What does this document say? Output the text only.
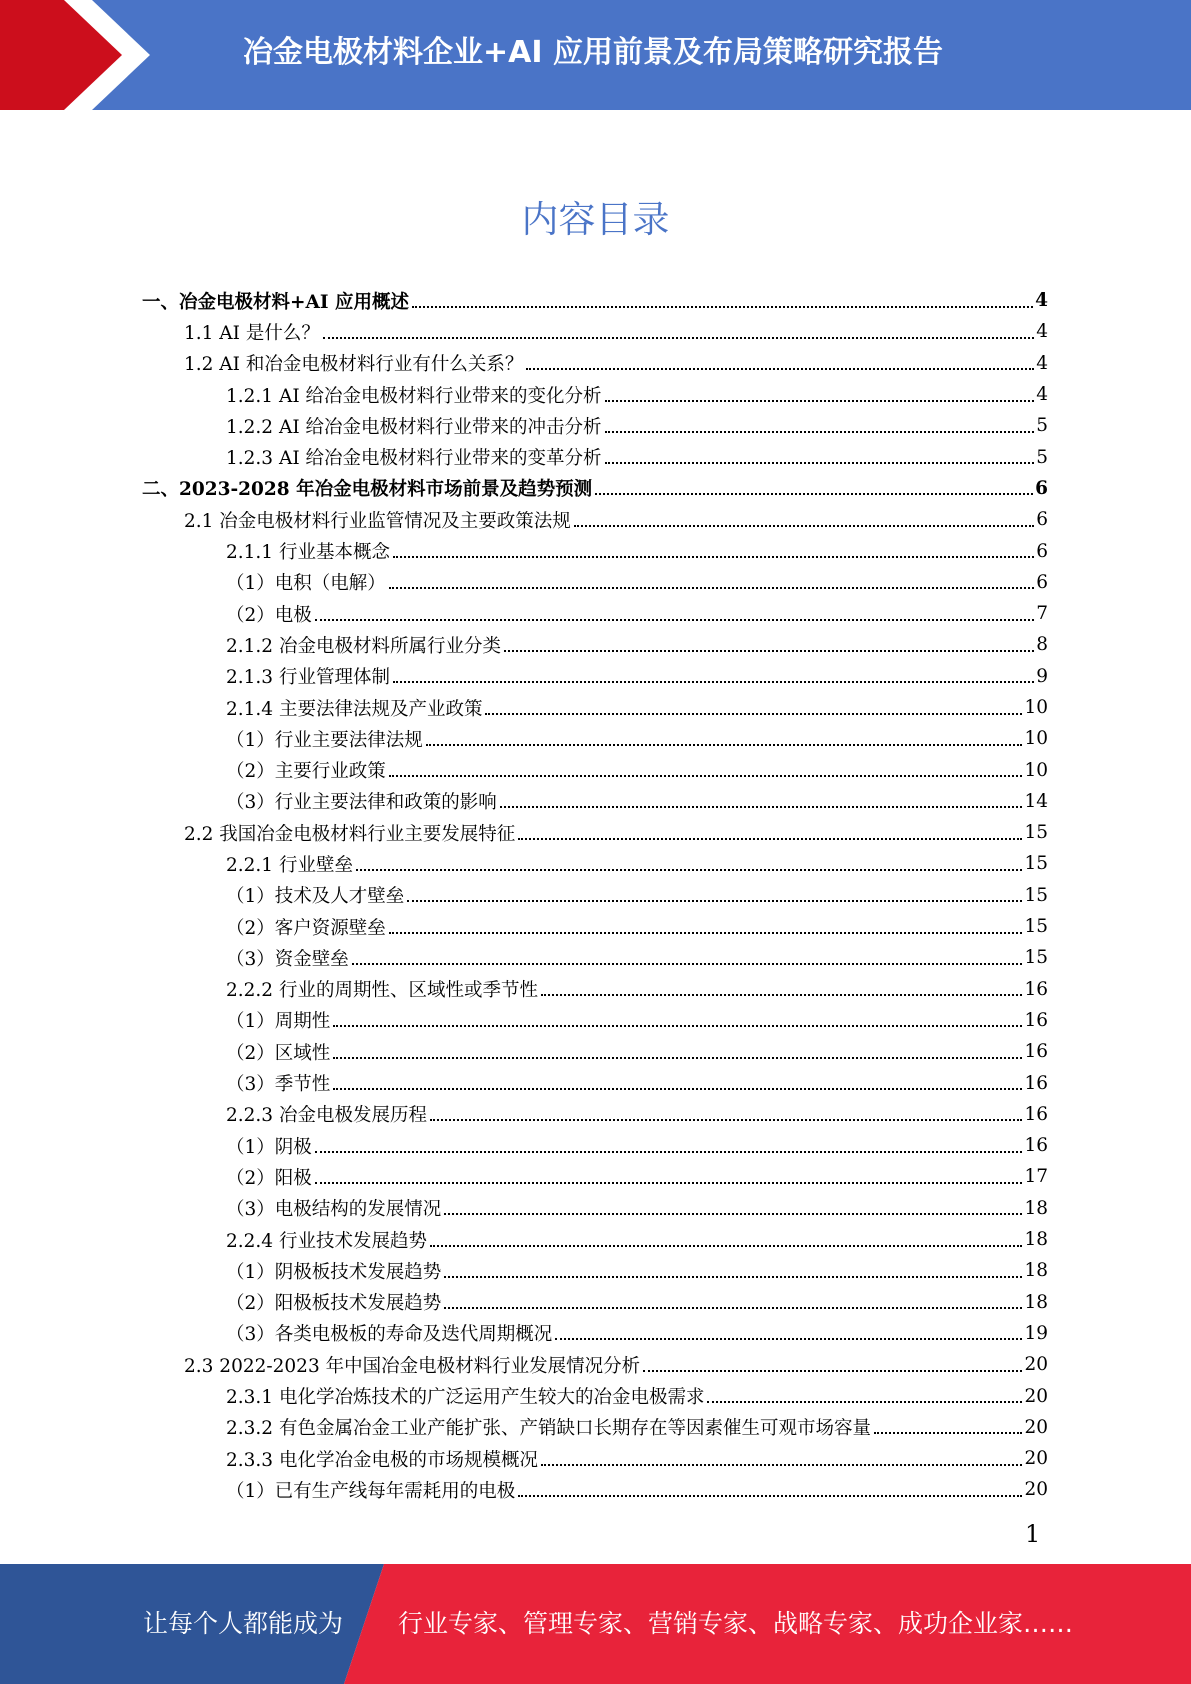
冶金电极材料企业+AI 应用前景及布局策略研究报告
内容目录
一、冶金电极材料+AI 应用概述	4
1.1 AI 是什么？	4
1.2 AI 和冶金电极材料行业有什么关系？	4
1.2.1 AI 给冶金电极材料行业带来的变化分析	4
1.2.2 AI 给冶金电极材料行业带来的冲击分析	5
1.2.3 AI 给冶金电极材料行业带来的变革分析	5
二、2023-2028 年冶金电极材料市场前景及趋势预测	6
2.1 冶金电极材料行业监管情况及主要政策法规	6
2.1.1 行业基本概念	6
（1）电积（电解）	6
（2）电极	7
2.1.2 冶金电极材料所属行业分类	8
2.1.3 行业管理体制	9
2.1.4 主要法律法规及产业政策	10
（1）行业主要法律法规	10
（2）主要行业政策	10
（3）行业主要法律和政策的影响	14
2.2 我国冶金电极材料行业主要发展特征	15
2.2.1 行业壁垒	15
（1）技术及人才壁垒	15
（2）客户资源壁垒	15
（3）资金壁垒	15
2.2.2 行业的周期性、区域性或季节性	16
（1）周期性	16
（2）区域性	16
（3）季节性	16
2.2.3 冶金电极发展历程	16
（1）阴极	16
（2）阳极	17
（3）电极结构的发展情况	18
2.2.4 行业技术发展趋势	18
（1）阴极板技术发展趋势	18
（2）阳极板技术发展趋势	18
（3）各类电极板的寿命及迭代周期概况	19
2.3 2022-2023 年中国冶金电极材料行业发展情况分析	20
2.3.1 电化学冶炼技术的广泛运用产生较大的冶金电极需求	20
2.3.2 有色金属冶金工业产能扩张、产销缺口长期存在等因素催生可观市场容量	20
2.3.3 电化学冶金电极的市场规模概况	20
（1）已有生产线每年需耗用的电极	20
1
让每个人都能成为 行业专家、管理专家、营销专家、战略专家、成功企业家……
